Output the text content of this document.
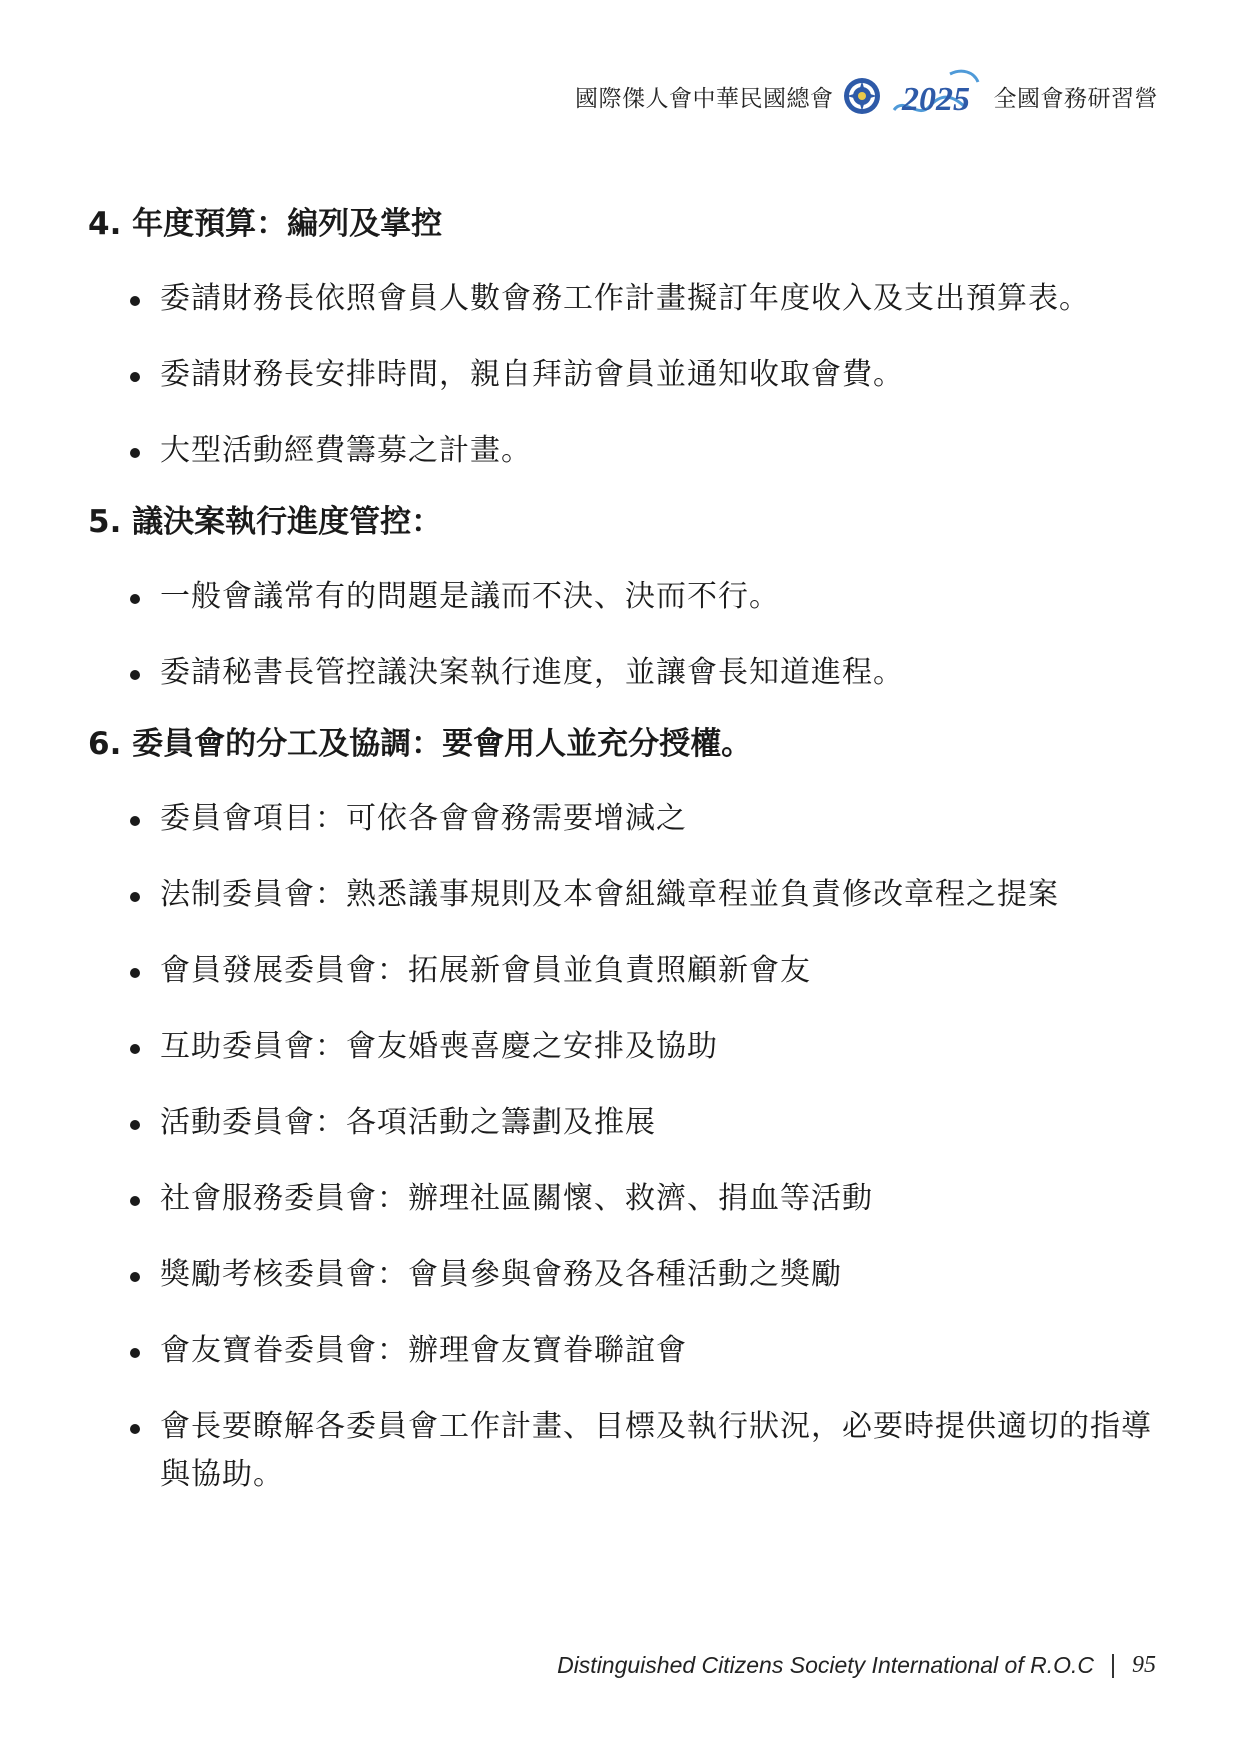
國際傑人會中華民國總會 2025 全國會務研習營
4. 年度預算：編列及掌控
委請財務長依照會員人數會務工作計畫擬訂年度收入及支出預算表。
委請財務長安排時間，親自拜訪會員並通知收取會費。
大型活動經費籌募之計畫。
5. 議決案執行進度管控：
一般會議常有的問題是議而不決、決而不行。
委請秘書長管控議決案執行進度，並讓會長知道進程。
6. 委員會的分工及協調：要會用人並充分授權。
委員會項目：可依各會會務需要增減之
法制委員會：熟悉議事規則及本會組織章程並負責修改章程之提案
會員發展委員會：拓展新會員並負責照顧新會友
互助委員會：會友婚喪喜慶之安排及協助
活動委員會：各項活動之籌劃及推展
社會服務委員會：辦理社區關懷、救濟、捐血等活動
獎勵考核委員會：會員參與會務及各種活動之獎勵
會友寶眷委員會：辦理會友寶眷聯誼會
會長要瞭解各委員會工作計畫、目標及執行狀況，必要時提供適切的指導與協助。
Distinguished Citizens Society International of R.O.C 95
